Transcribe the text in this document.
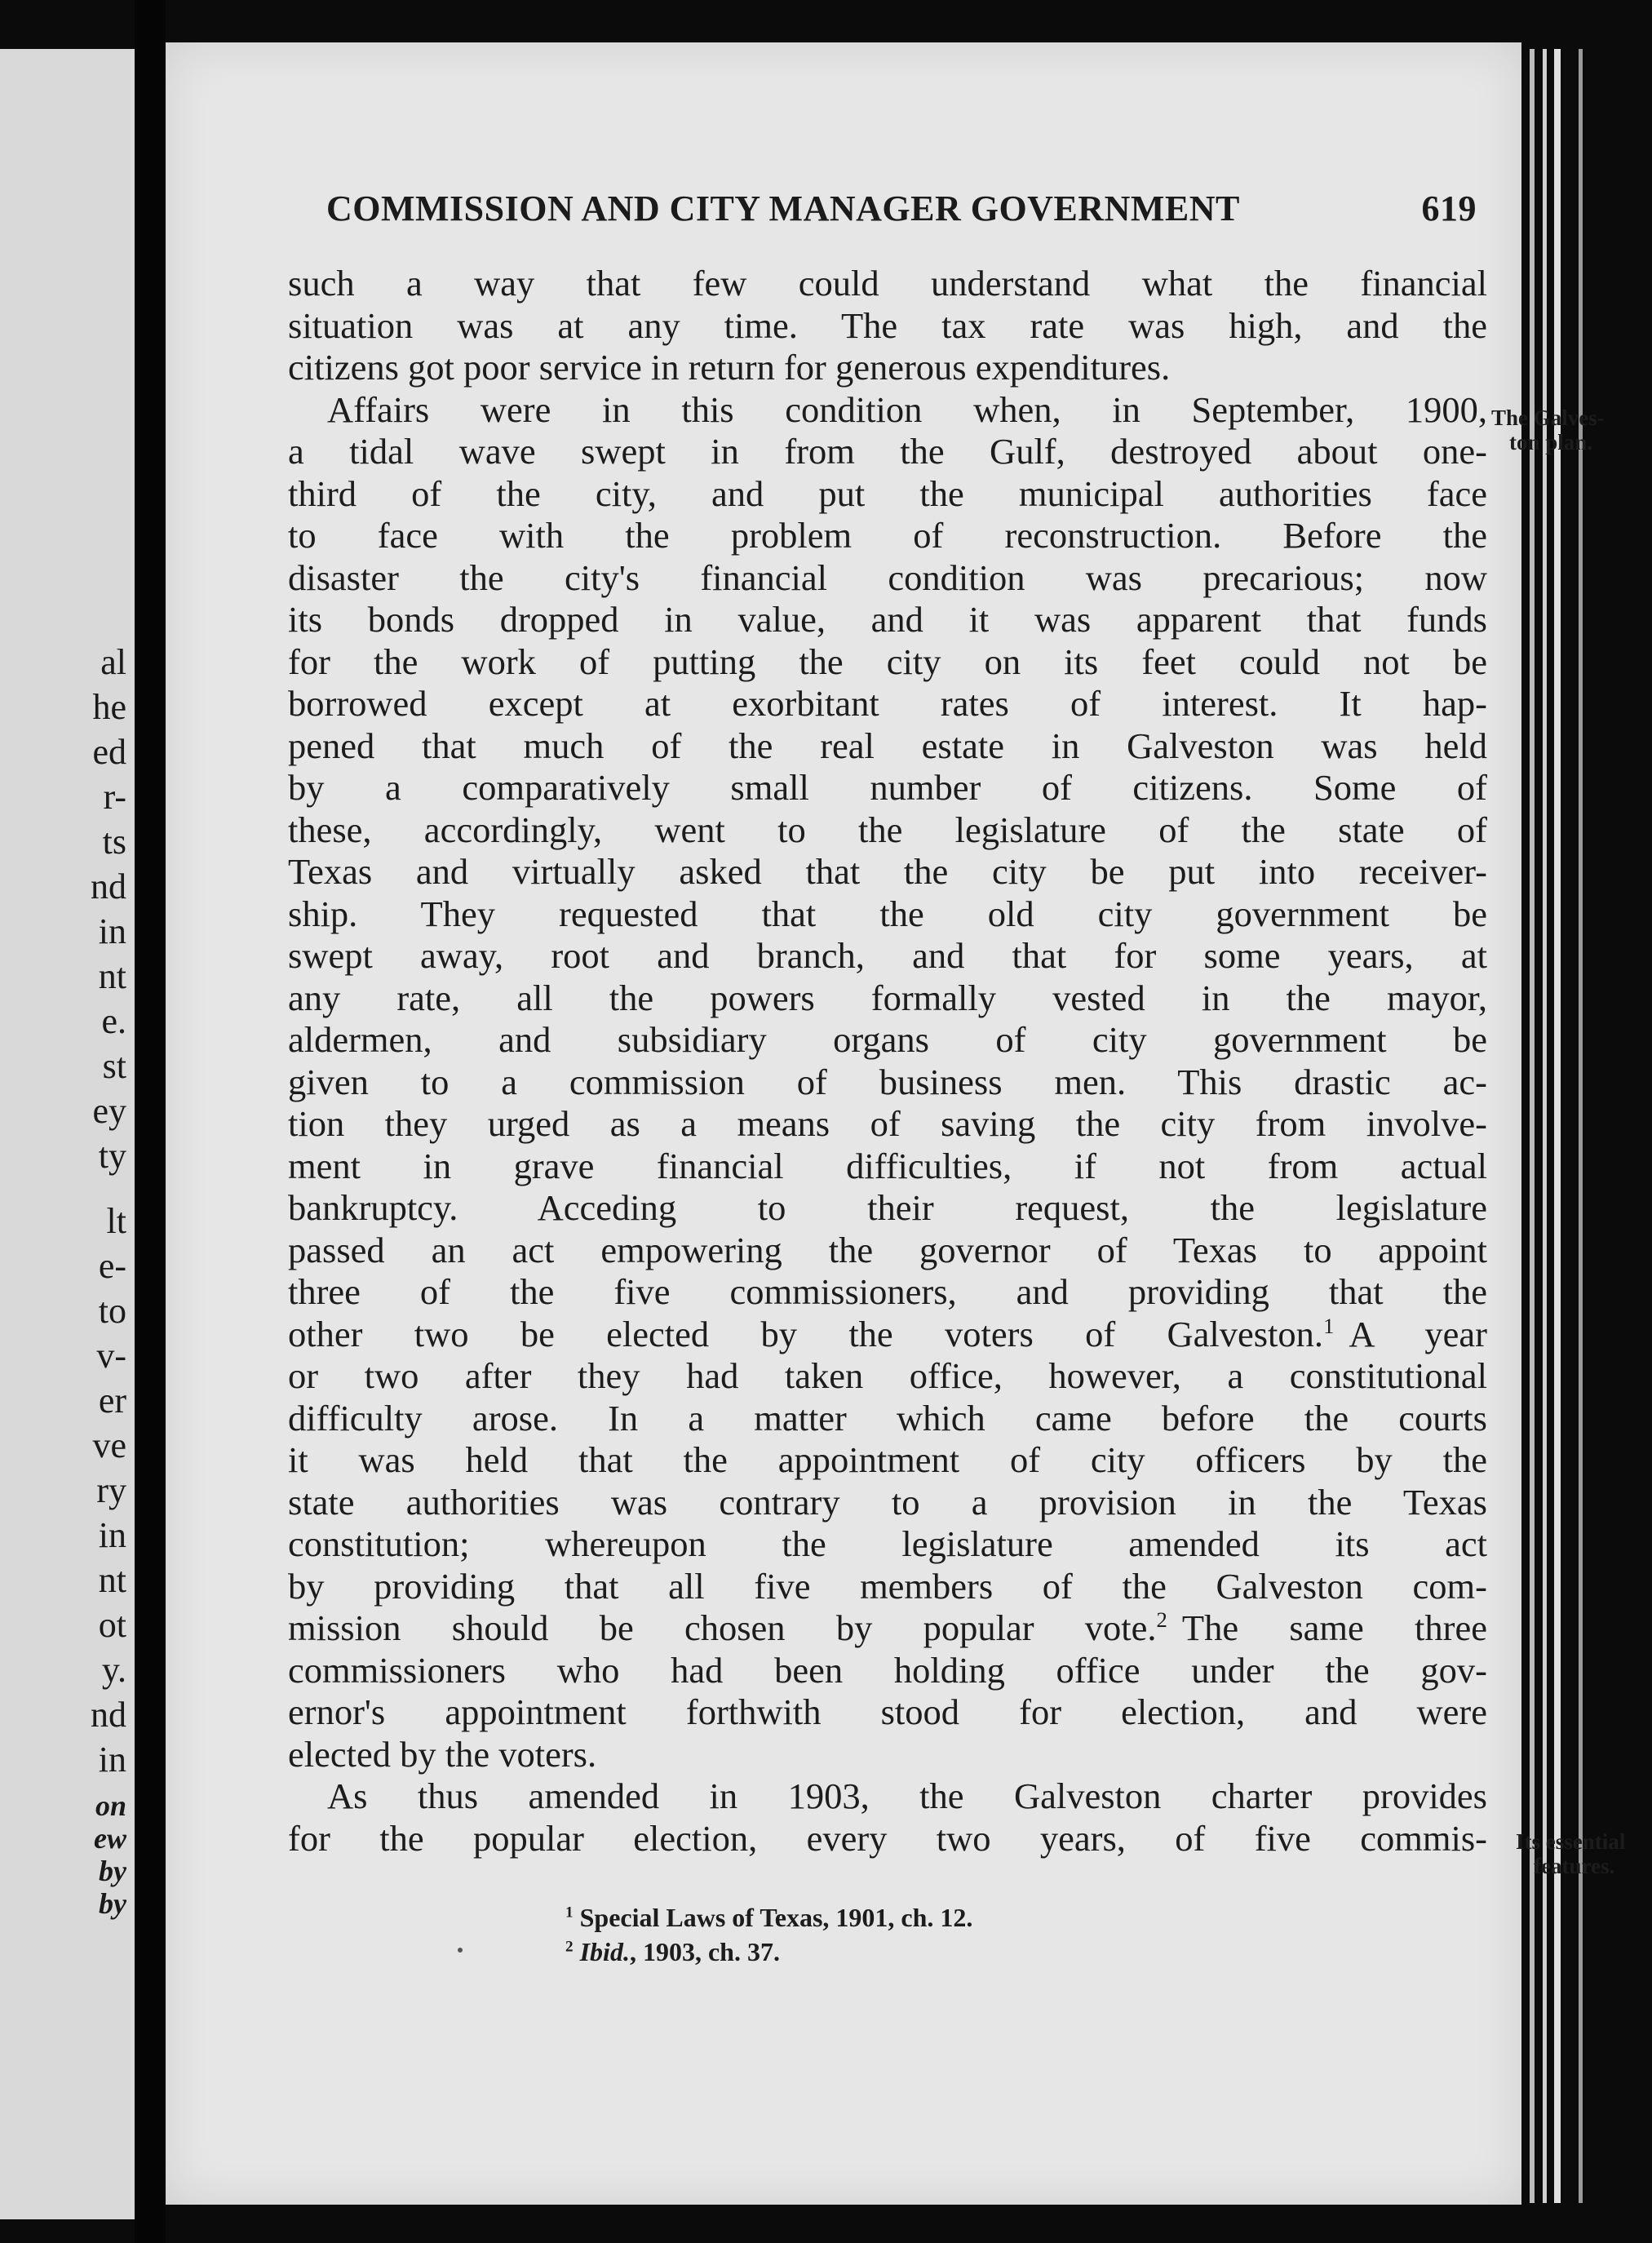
al
he
ed
r-
ts
nd
in
nt
e.
st
ey
ty
lt
e-
to
v-
er
ve
ry
in
nt
ot
y.
nd
in
on
ew
by
by
COMMISSION AND CITY MANAGER GOVERNMENT	619
such a way that few could understand what the financial
situation was at any time. The tax rate was high, and the
citizens got poor service in return for generous expenditures.
Affairs were in this condition when, in September, 1900,
a tidal wave swept in from the Gulf, destroyed about one-
third of the city, and put the municipal authorities face
to face with the problem of reconstruction. Before the
disaster the city's financial condition was precarious; now
its bonds dropped in value, and it was apparent that funds
for the work of putting the city on its feet could not be
borrowed except at exorbitant rates of interest. It hap-
pened that much of the real estate in Galveston was held
by a comparatively small number of citizens. Some of
these, accordingly, went to the legislature of the state of
Texas and virtually asked that the city be put into receiver-
ship. They requested that the old city government be
swept away, root and branch, and that for some years, at
any rate, all the powers formally vested in the mayor,
aldermen, and subsidiary organs of city government be
given to a commission of business men. This drastic ac-
tion they urged as a means of saving the city from involve-
ment in grave financial difficulties, if not from actual
bankruptcy. Acceding to their request, the legislature
passed an act empowering the governor of Texas to appoint
three of the five commissioners, and providing that the
other two be elected by the voters of Galveston.$^1$ A year
or two after they had taken office, however, a constitutional
difficulty arose. In a matter which came before the courts
it was held that the appointment of city officers by the
state authorities was contrary to a provision in the Texas
constitution; whereupon the legislature amended its act
by providing that all five members of the Galveston com-
mission should be chosen by popular vote.$^2$ The same three
commissioners who had been holding office under the gov-
ernor's appointment forthwith stood for election, and were
elected by the voters.
As thus amended in 1903, the Galveston charter provides
for the popular election, every two years, of five commis-
The Galves-
ton plan.
Its essential
features.
$^1$ Special Laws of Texas, 1901, ch. 12.
$^2$ Ibid., 1903, ch. 37.
